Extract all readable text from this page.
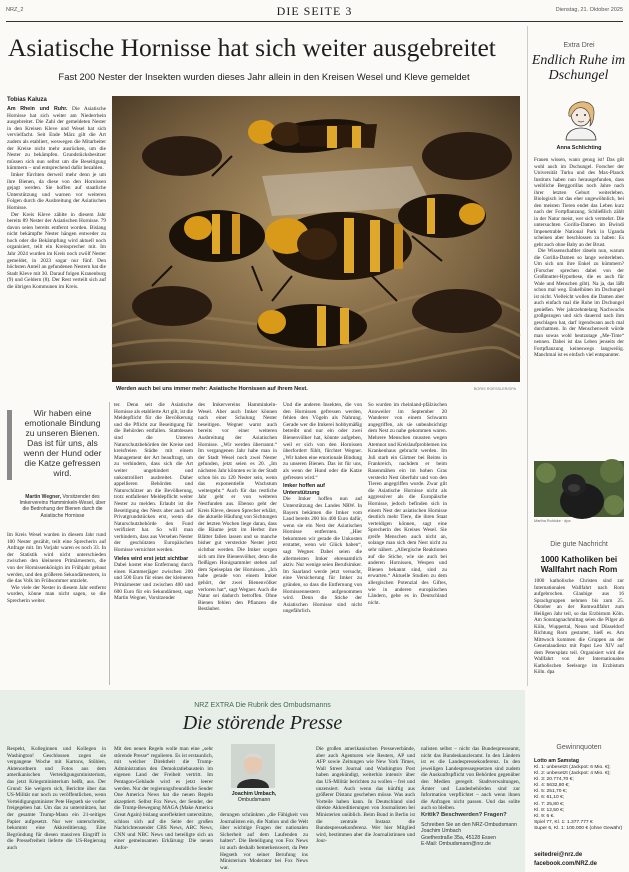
NRZ_2	DIE SEITE 3	Dienstag, 21. Oktober 2025
Asiatische Hornisse hat sich weiter ausgebreitet
Fast 200 Nester der Insekten wurden dieses Jahr allein in den Kreisen Wesel und Kleve gemeldet
Tobias Kaluza

Am Rhein und Ruhr. Die Asiatische Hornisse hat sich weiter am Niederrhein ausgebreitet. Die Zahl der gemeldeten Nester in den Kreisen Kleve und Wesel hat sich vervielfacht. Seit Ende März gilt die Art zudem als etabliert, weswegen die Mitarbeiter der Kreise nicht mehr ausrücken, um die Nester zu bekämpfen. Grundstücksbesitzer müssen sich nun selbst um die Beseitigung kümmern – und entsprechend dafür bezahlen.

Imker fürchten derweil mehr denn je um ihre Bienen, da diese von den Hornissen gejagt werden. Sie hoffen auf staatliche Unterstützung und warnen vor weiteren Folgen durch die Ausbreitung der Asiatischen Hornisse.

Der Kreis Kleve zählte in diesem Jahr bereits 89 Nester der Asiatischen Hornisse. 79 davon seien bereits entfernt worden. Bislang nicht bekämpfte Nester hängen entweder zu hoch oder die Bekämpfung wird aktuell noch organisiert, teilt ein Kreissprecher mit. Im Jahr 2024 wurden im Kreis noch zwölf Nester gemeldet, in 2023 sogar nur fünf. Den höchsten Anteil an gefundenen Nestern hat die Stadt Kleve mit 30. Darauf folgen Kranenburg (9) und Geldern (8). Der Rest verteilt sich auf die übrigen Kommunen im Kreis.

Wir haben eine emotionale Bindung zu unseren Bienen. Das ist für uns, als wenn der Hund oder die Katze gefressen wird.
Martin Wegner, Vorsitzender des Imkervereins Hamminkeln-Wesel, über die Bedrohung der Bienen durch die Asiatische Hornisse

Im Kreis Wesel wurden in diesem Jahr rund 100 Nester gezählt, teilt eine Sprecherin auf Anfrage mit. Im Vorjahr waren es noch 33. In der Statistik wird nicht unterschieden zwischen den kleineren Primärnestern, die von der Hornissenkönigin im Frühjahr gebaut werden, und den größeren Sekundärnestern, in die das Volk im Frühsommer umzieht.

Wie viele der Nester in diesem Jahr entfernt wurden, könne man nicht sagen, so die Sprecherin weiter.

Werden auch bei uns immer mehr: Asiatische Hornissen auf ihrem Nest.	BORIS ROESSLER/DPA

ter. Denn seit die Asiatische Hornisse als etablierte Art gilt, ist die Meldepflicht für die Bevölkerung und die Pflicht zur Beseitigung für die Behörden entfallen. Stattdessen sind die Unteren Naturschutzbehörden der Kreise und kreisfreien Städte mit einem Management der Art beauftragt, um zu verhindern, dass sich die Art weiter ungehindert und unkontrolliert ausbreitet. Daher appellieren Behörden und Naturschützer an die Bevölkerung, trotz entfallener Meldepflicht weiter Nester zu melden. Erlaubt ist die Beseitigung des Nests aber auch auf Privatgrundstücken erst, wenn die Naturschutzbehörde den Fund verifiziert hat. So will man verhindern, dass aus Versehen Nester der geschützten Europäischen Hornisse vernichtet werden.

Vieles wird erst jetzt sichtbar

Dabei kostet eine Entfernung durch einen Kammerjäger zwischen 200 und 500 Euro für eines der kleineren Primärnester und zwischen 400 und 600 Euro für ein Sekundärnest, sagt Martin Wegner, Vorsitzender

des Imkervereins Hamminkeln-Wesel. Aber auch Imker können nach einer Schulung Nester beseitigen. Wegner warnt auch bereits vor einer weiteren Ausbreitung der Asiatischen Hornisse. „Wir werden überrannt.“ Im vergangenen Jahr habe man in der Stadt Wesel noch zwei Nester gefunden, jetzt seien es 20. „Im nächsten Jahr könnten es in der Stadt schon bis zu 120 Nester sein, wenn das exponentielle Wachstum weitergeht.“ Auch für das restliche Jahr geht er von weiteren Nestfunden aus. Ebenso geht der Kreis Kleve, dessen Sprecher erklärt, die aktuelle Häufung von Sichtungen der letzten Wochen liege daran, dass die Bäume jetzt im Herbst ihre Blätter fallen lassen und so manche bisher gut versteckte Nester jetzt sichtbar werden. Die Imker sorgen sich um ihre Bienenvölker, denn die fleißigen Honigsammler stehen auf dem Speiseplan der Hornissen. „Ich habe gerade von einem Imker gehört, der zwei Bienenvölker verloren hat“, sagt Wegner. Auch die Natur sei dadurch betroffen. Ohne Bienen fehlen den Pflanzen die Bestäuber.

Und die anderen Insekten, die von den Hornissen gefressen werden, fehlen den Vögeln als Nahrung. Gerade wer die Imkerei hobbymäßig betreibt und nur ein oder zwei Bienenvölker hat, könnte aufgeben, weil er sich von den Hornissen überfordert fühlt, fürchtet Wegner. „Wir haben eine emotionale Bindung zu unseren Bienen. Das ist für uns, als wenn der Hund oder die Katze gefressen wird.“

Imker hoffen auf Unterstützung

Die Imker hoffen nun auf Unterstützung des Landes NRW. In Bayern bekämen die Imker vom Land bereits 200 bis 400 Euro dafür, wenn sie ein Nest der Asiatischen Hornisse entfernten. „Hier bekommen wir gerade die Unkosten erstattet, wenn wir Glück haben“, sagt Wegner. Dabei seien die allermeisten Imker ehrenamtlich aktiv. Nur wenige seien Berufsimker. Im Saarland werde jetzt versucht, eine Versicherung für Imker zu gründen, so dass die Entfernung von Hornissennestern aufgenommen wird. Denn die Stiche der Asiatischen Hornisse sind nicht ungefährlich.

So wurden im rheinland-pfälzischen Annweiler im September 20 Wanderer von einem Schwarm angegriffen, als sie unbeabsichtigt dem Nest zu nahe gekommen waren. Mehrere Menschen mussten wegen Atemnot und Kreislaufproblemen ins Krankenhaus gebracht werden. Im Juli starb ein Gärtner bei Reims in Frankreich, nachdem er beim Rasenmähen ein im hohen Gras versteckt Nest überfuhr und von den Tieren angegriffen wurde. Zwar gilt die Asiatische Hornisse nicht als aggressiver als die Europäische Hornisse, jedoch befinden sich in einem Nest der asiatischen Hornisse deutlich mehr Tiere, die ihren Staat verteidigen können, sagt eine Sprecherin des Kreises Wesel. Sie greife Menschen auch nicht an, solange man sich dem Nest nicht zu sehr nähert. „Allergische Reaktionen auf die Stiche, wie sie auch bei anderen Hornissen, Wespen und Bienen bekannt sind, sind zu erwarten.“ Aktuelle Studien zu dem allergischen Potenzial des Giftes, wie in anderen europäischen Ländern, gebe es in Deutschland nicht.

Extra Drei
Endlich Ruhe im Dschungel
Anna Schlichting

Frauen wissen, wann genug ist! Das gilt wohl auch im Dschungel. Forscher der Universität Turku und des Max-Planck Instituts haben nun herausgefunden, dass weibliche Berggorillas noch Jahre nach ihrer letzten Geburt weiterleben. Biologisch ist das eher ungewöhnlich, bei den meisten Tieren endet das Leben kurz nach der Fortpflanzung. Schließlich zählt in der Natur meist, wer sich vermehrt. Die untersuchten Gorilla-Damen im Bwindi Impenetrable National Park in Uganda scheinen aber beschlossen zu haben: Es geht auch ohne Baby an der Brust.

Die Wissenschaftler rätseln nun, warum die Gorilla-Damen so lange weiterleben. Um sich um ihre Enkel zu kümmern? (Forscher sprechen dabei von der Großmutter-Hypothese, die es auch für Wale und Menschen gibt). Na ja, das läßt schon mal weg. Enkelhüten im Dschungel ist nicht. Vielleicht wollen die Damen aber auch einfach mal die Ruhe im Dschungel genießen. Wer jahrzehntelang Nachwuchs großgezogen und sich dauernd nach ihm geschlagen hat, darf irgendwann auch mal durchatmen. In der Menschenwelt würde man sowas wohl heutzutage „Me-Time“ nennen. Dabei ist das Leben jenseits der Fortpflanzung keineswegs langweilig. Manchmal ist es einfach viel entspannter.

Martha Rohloke · dpa
Die gute Nachricht
1000 Katholiken bei Wallfahrt nach Rom
1000 katholische Christen sind zur Internationalen Wallfahrt nach Rom aufgebrochen. Glaubige aus 16 Sprachgruppen nehmen bis zum 25. Oktober an der Romwallfahrt zum Heiligen Jahr teil, so das Erzbistum Köln. Am Sonntagnachmittag seien die Pilger ab Köln, Wuppertal, Neuss und Düsseldorf Richtung Rom gestartet, hieß es. Am Mittwoch kommen die Gruppen an der Generalaudienz mit Papst Leo XIV auf dem Petersplatz teil. Organisiert wird die Wallfahrt von der Internationalen Katholischen Seelsorge im Erzbistum Köln. dpa
NRZ EXTRA Die Rubrik des Ombudsmanns
Die störende Presse

Respekt, Kolleginnen und Kollegen in Washington! Geschlossen zogen sie vergangene Woche mit Kartons, Stühlen, Aktenordnern und Fotos aus dem amerikanischen Verteidigungsministerium, das jetzt Kriegsministerium heißt, aus. Der Grund: Sie weigern sich, Berichte über das US-Militär nur noch zu veröffentlichen, wenn Verteidigungsminister Pete Hegseth sie vorher freigegeben hat. Um das zu unterstützen, hat der gesamte Trump-Mann ein 21-seitiges Papier aufgesetzt. Nur wer unterschreibt, bekommt eine Akkreditierung. Eine Begründung für diesen massiven Eingriff in die Pressefreiheit lieferte die US-Regierung auch

Mit den neuen Regeln wolle man eine „sehr störende Presse“ regulieren. Es ist erstaunlich, mit welcher Direktheit die Trump-Administration den Demokratiebaustein im eigenen Land der Freiheit vertritt. Im Pentagon-Gebäude wird es jetzt leerer werden. Nur der regierungsfreundliche Sender One America News hat die neuen Regeln akzeptiert. Selbst Fox News, der Sender, der die Trump-Bewegung MAGA (Make America Great Again) bislang unreflektiert unterstützte, schloss sich auf die Seite der großen Nachrichtensender CBS News, ABC News, CNN und NBC News und beteiligte sich an einer gemeinsamen Erklärung: Die neuen Anfor-

Joachim Umbach,
Ombudsmann

derungen schränkten „die Fähigkeit von Journalisten ein, die Nation und die Welt über wichtige Fragen der nationalen Sicherheit auf dem Laufenden zu halten“. Die Beteiligung von Fox News ist auch deshalb bemerkenswert, da Pete Hegseth vor seiner Berufung ins Ministerium Moderator bei Fox News war.

Die großen amerikanischen Presseverbände, aber auch Agenturen wie Reuters, AP und AFP sowie Zeitungen wie New York Times, Wall Street Journal und Washington Post haben angekündigt, weiterhin intensiv über das US-Militär berichten zu wollen – frei und unzensiert. Auch wenn das künftig aus größerer Distanz geschehen müsse. Was auch Vorteile haben kann. In Deutschland sind direkte Akkreditierungen von Journalisten bei Ministerien unüblich. Beim Bund in Berlin ist die zentrale Instanz die Bundespressekonferenz. Wer hier Mitglied wird, bestimmen aber die Journalistinnen und Jour-

nalisten selbst – nicht das Bundespresseamt, nicht das Bundeskanzleramt. In den Ländern ist es die Landespressekonferenz. In den jeweiligen Landespressegesetzen sind zudem die Auskunftspflicht von Behörden gegenüber den Medien geregelt. Stadtverwaltungen, Ämter und Landesbehörden sind zur Information verpflichtet – auch wenn ihnen die Anfragen nicht passen. Und das sollte auch so bleiben.

Kritik? Beschwerden? Fragen?
Schreiben Sie an den NRZ-Ombudsmann Joachim Umbach
Goethestraße 35a, 45128 Essen
E-Mail: Ombudsmann@nrz.de
Gewinnquoten
Lotto am Samstag
Kl. 1: unbesetzt (Jackpot: 6 Mio. €);
Kl. 2: unbesetzt (Jackpot: 4 Mio. €);
Kl. 3: 20.774,70 €;
Kl. 4: 5632,80 €;
Kl. 5: 251,70 €;
Kl. 6: 61,10 €;
Kl. 7: 25,80 €;
Kl. 8: 12,50 €;
Kl. 9: 6 €.
Spiel 77, Kl. 1: 1.377.777 €
Super 6, Kl. 1: 100.000 € (ohne Gewähr)
seitedrei@nrz.de
facebook.com/NRZ.de
